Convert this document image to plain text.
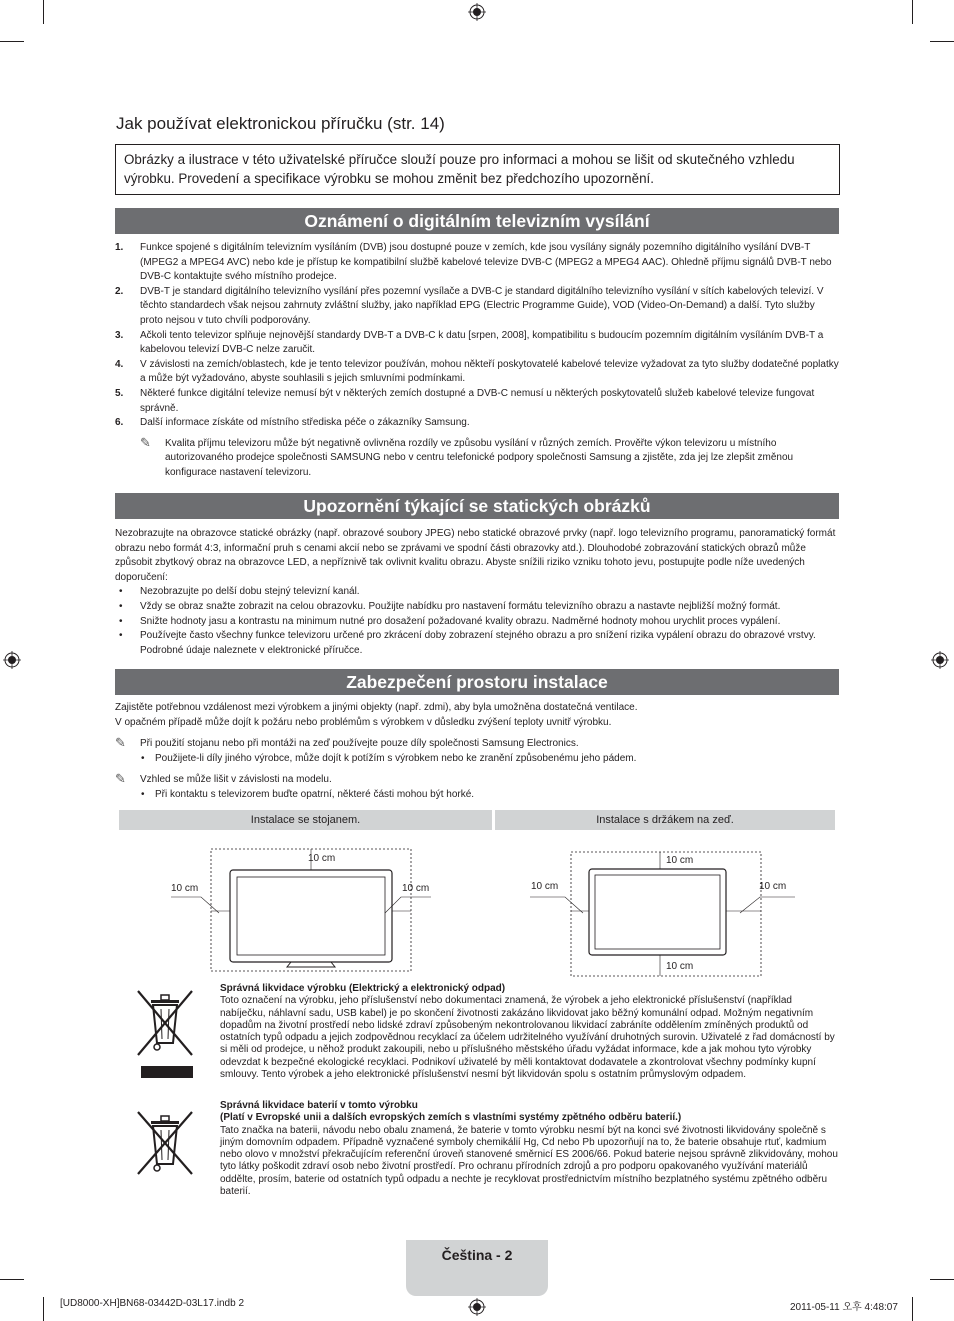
Jak používat elektronickou příručku (str. 14)
Obrázky a ilustrace v této uživatelské příručce slouží pouze pro informaci a mohou se lišit od skutečného vzhledu výrobku. Provedení a specifikace výrobku se mohou změnit bez předchozího upozornění.
Oznámení o digitálním televizním vysílání
1. Funkce spojené s digitálním televizním vysíláním (DVB) jsou dostupné pouze v zemích, kde jsou vysílány signály pozemního digitálního vysílání DVB-T (MPEG2 a MPEG4 AVC) nebo kde je přístup ke kompatibilní službě kabelové televize DVB-C (MPEG2 a MPEG4 AAC). Ohledně příjmu signálů DVB-T nebo DVB-C kontaktujte svého místního prodejce.
2. DVB-T je standard digitálního televizního vysílání přes pozemní vysílače a DVB-C je standard digitálního televizního vysílání v sítích kabelových televizí. V těchto standardech však nejsou zahrnuty zvláštní služby, jako například EPG (Electric Programme Guide), VOD (Video-On-Demand) a další. Tyto služby proto nejsou v tuto chvíli podporovány.
3. Ačkoli tento televizor splňuje nejnovější standardy DVB-T a DVB-C k datu [srpen, 2008], kompatibilitu s budoucím pozemním digitálním vysíláním DVB-T a kabelovou televizí DVB-C nelze zaručit.
4. V závislosti na zemích/oblastech, kde je tento televizor používán, mohou někteří poskytovatelé kabelové televize vyžadovat za tyto služby dodatečné poplatky a může být vyžadováno, abyste souhlasili s jejich smluvními podmínkami.
5. Některé funkce digitální televize nemusí být v některých zemích dostupné a DVB-C nemusí u některých poskytovatelů služeb kabelové televize fungovat správně.
6. Další informace získáte od místního střediska péče o zákazníky Samsung.
✎ Kvalita příjmu televizoru může být negativně ovlivněna rozdíly ve způsobu vysílání v různých zemích. Prověřte výkon televizoru u místního autorizovaného prodejce společnosti SAMSUNG nebo v centru telefonické podpory společnosti Samsung a zjistěte, zda jej lze zlepšit změnou konfigurace nastavení televizoru.
Upozornění týkající se statických obrázků
Nezobrazujte na obrazovce statické obrázky (např. obrazové soubory JPEG) nebo statické obrazové prvky (např. logo televizního programu, panoramatický formát obrazu nebo formát 4:3, informační pruh s cenami akcií nebo se zprávami ve spodní části obrazovky atd.). Dlouhodobé zobrazování statických obrazů může způsobit zbytkový obraz na obrazovce LED, a nepříznivě tak ovlivnit kvalitu obrazu. Abyste snížili riziko vzniku tohoto jevu, postupujte podle níže uvedených doporučení:
• Nezobrazujte po delší dobu stejný televizní kanál.
• Vždy se obraz snažte zobrazit na celou obrazovku. Použijte nabídku pro nastavení formátu televizního obrazu a nastavte nejbližší možný formát.
• Snižte hodnoty jasu a kontrastu na minimum nutné pro dosažení požadované kvality obrazu. Nadměrné hodnoty mohou urychlit proces vypálení.
• Používejte často všechny funkce televizoru určené pro zkrácení doby zobrazení stejného obrazu a pro snížení rizika vypálení obrazu do obrazové vrstvy. Podrobné údaje naleznete v elektronické příručce.
Zabezpečení prostoru instalace
Zajistěte potřebnou vzdálenost mezi výrobkem a jinými objekty (např. zdmi), aby byla umožněna dostatečná ventilace.
V opačném případě může dojít k požáru nebo problémům s výrobkem v důsledku zvýšení teploty uvnitř výrobku.
✎ Při použití stojanu nebo při montáži na zeď používejte pouze díly společnosti Samsung Electronics.
• Použijete-li díly jiného výrobce, může dojít k potížím s výrobkem nebo ke zranění způsobenému jeho pádem.
✎ Vzhled se může lišit v závislosti na modelu.
• Při kontaktu s televizorem buďte opatrní, některé části mohou být horké.
Instalace se stojanem.	Instalace s držákem na zeď.
10 cm
10 cm	10 cm
10 cm
10 cm	10 cm
10 cm
Správná likvidace výrobku (Elektrický a elektronický odpad)
Toto označení na výrobku, jeho příslušenství nebo dokumentaci znamená, že výrobek a jeho elektronické příslušenství (například nabíječku, náhlavní sadu, USB kabel) je po skončení životnosti zakázáno likvidovat jako běžný komunální odpad. Možným negativním dopadům na životní prostředí nebo lidské zdraví způsobeným nekontrolovanou likvidací zabráníte oddělením zmíněných produktů od ostatních typů odpadu a jejich zodpovědnou recyklací za účelem udržitelného využívání druhotných surovin. Uživatelé z řad domácností by si měli od prodejce, u něhož produkt zakoupili, nebo u příslušného městského úřadu vyžádat informace, kde a jak mohou tyto výrobky odevzdat k bezpečné ekologické recyklaci. Podnikoví uživatelé by měli kontaktovat dodavatele a zkontrolovat všechny podmínky kupní smlouvy. Tento výrobek a jeho elektronické příslušenství nesmí být likvidován spolu s ostatním průmyslovým odpadem.
Správná likvidace baterií v tomto výrobku
(Platí v Evropské unii a dalších evropských zemích s vlastními systémy zpětného odběru baterií.)
Tato značka na baterii, návodu nebo obalu znamená, že baterie v tomto výrobku nesmí být na konci své životnosti likvidovány společně s jiným domovním odpadem. Případně vyznačené symboly chemikálií Hg, Cd nebo Pb upozorňují na to, že baterie obsahuje rtuť, kadmium nebo olovo v množství překračujícím referenční úroveň stanovené směrnicí ES 2006/66. Pokud baterie nejsou správně zlikvidovány, mohou tyto látky poškodit zdraví osob nebo životní prostředí. Pro ochranu přírodních zdrojů a pro podporu opakovaného využívání materiálů oddělte, prosím, baterie od ostatních typů odpadu a nechte je recyklovat prostřednictvím místního bezplatného systému zpětného odběru baterií.
Čeština - 2
[UD8000-XH]BN68-03442D-03L17.indb 2	2011-05-11 오후 4:48:07
